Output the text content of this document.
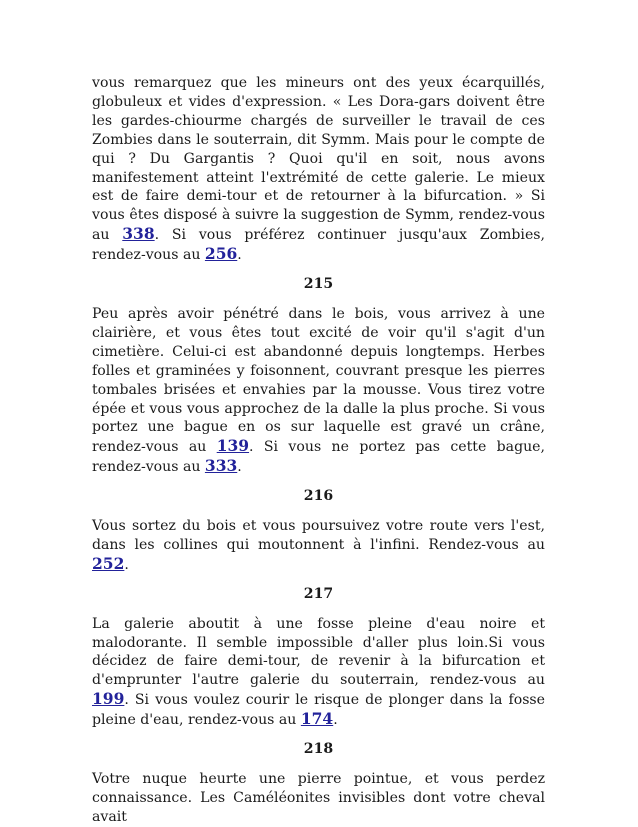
vous remarquez que les mineurs ont des yeux écarquillés, globuleux et vides d'expression. « Les Dora-gars doivent être les gardes-chiourme chargés de surveiller le travail de ces Zombies dans le souterrain, dit Symm. Mais pour le compte de qui ? Du Gargantis ? Quoi qu'il en soit, nous avons manifestement atteint l'extrémité de cette galerie. Le mieux est de faire demi-tour et de retourner à la bifurcation. » Si vous êtes disposé à suivre la suggestion de Symm, rendez-vous au 338. Si vous préférez continuer jusqu'aux Zombies, rendez-vous au 256.

215

Peu après avoir pénétré dans le bois, vous arrivez à une clairière, et vous êtes tout excité de voir qu'il s'agit d'un cimetière. Celui-ci est abandonné depuis longtemps. Herbes folles et graminées y foisonnent, couvrant presque les pierres tombales brisées et envahies par la mousse. Vous tirez votre épée et vous vous approchez de la dalle la plus proche. Si vous portez une bague en os sur laquelle est gravé un crâne, rendez-vous au 139. Si vous ne portez pas cette bague, rendez-vous au 333.

216

Vous sortez du bois et vous poursuivez votre route vers l'est, dans les collines qui moutonnent à l'infini. Rendez-vous au 252.

217

La galerie aboutit à une fosse pleine d'eau noire et malodorante. Il semble impossible d'aller plus loin.Si vous décidez de faire demi-tour, de revenir à la bifurcation et d'emprunter l'autre galerie du souterrain, rendez-vous au 199. Si vous voulez courir le risque de plonger dans la fosse pleine d'eau, rendez-vous au 174.

218

Votre nuque heurte une pierre pointue, et vous perdez connaissance. Les Caméléonites invisibles dont votre cheval avait
